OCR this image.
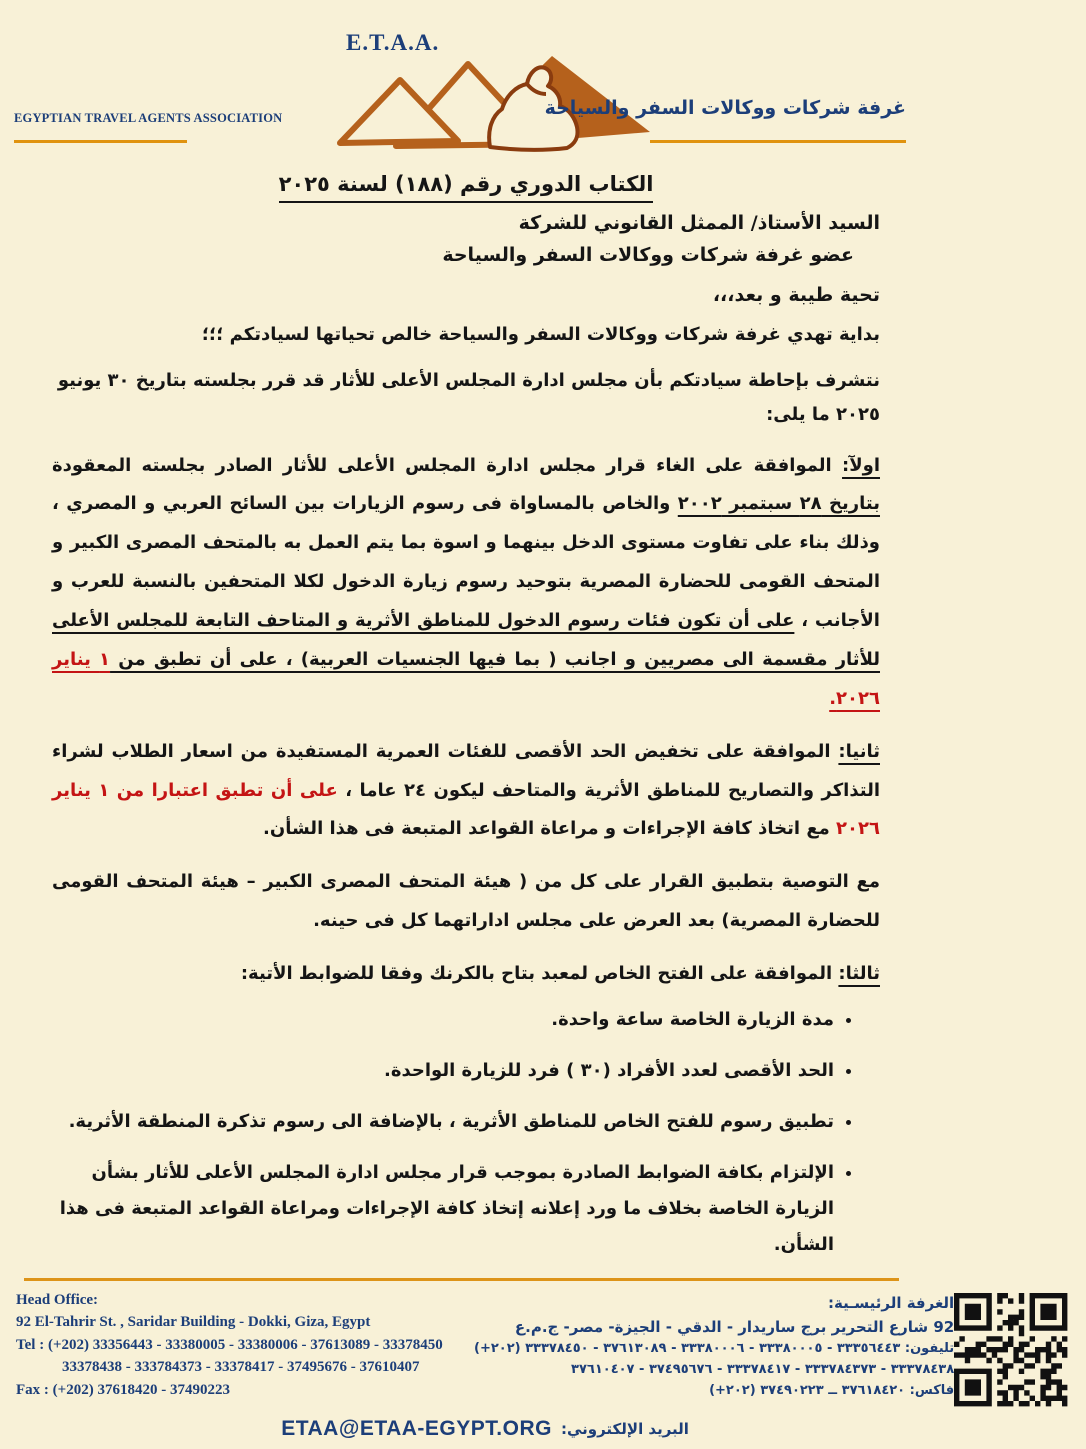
E.T.A.A.
EGYPTIAN TRAVEL AGENTS ASSOCIATION	غرفة شركات ووكالات السفر والسياحة
الكتاب الدوري رقم (١٨٨) لسنة ٢٠٢٥

السيد الأستاذ/ الممثل القانوني للشركة

عضو غرفة شركات ووكالات السفر والسياحة

تحية طيبة و بعد،،،

بداية تهدي غرفة شركات ووكالات السفر والسياحة خالص تحياتها لسيادتكم ؛؛؛

نتشرف بإحاطة سيادتكم بأن مجلس ادارة المجلس الأعلى للأثار قد قرر بجلسته بتاريخ ٣٠ يونيو ٢٠٢٥ ما يلى:

اولآ: الموافقة على الغاء قرار مجلس ادارة المجلس الأعلى للأثار الصادر بجلسته المعقودة بتاريخ ٢٨ سبتمبر ٢٠٠٢ والخاص بالمساواة فى رسوم الزيارات بين السائح العربي و المصري ، وذلك بناء على تفاوت مستوى الدخل بينهما و اسوة بما يتم العمل به بالمتحف المصرى الكبير و المتحف القومى للحضارة المصرية بتوحيد رسوم زيارة الدخول لكلا المتحفين بالنسبة للعرب و الأجانب ، على أن تكون فئات رسوم الدخول للمناطق الأثرية و المتاحف التابعة للمجلس الأعلى للأثار مقسمة الى مصريين و اجانب ( بما فيها الجنسيات العربية) ، على أن تطبق من ١ يناير ٢٠٢٦.

ثانيا: الموافقة على تخفيض الحد الأقصى للفئات العمرية المستفيدة من اسعار الطلاب لشراء التذاكر والتصاريح للمناطق الأثرية والمتاحف ليكون ٢٤ عاما ، على أن تطبق اعتبارا من ١ يناير ٢٠٢٦ مع اتخاذ كافة الإجراءات و مراعاة القواعد المتبعة فى هذا الشأن.

مع التوصية بتطبيق القرار على كل من ( هيئة المتحف المصرى الكبير – هيئة المتحف القومى للحضارة المصرية) بعد العرض على مجلس اداراتهما كل فى حينه.

ثالثا: الموافقة على الفتح الخاص لمعبد بتاح بالكرنك وفقا للضوابط الأتية:

• مدة الزيارة الخاصة ساعة واحدة.
• الحد الأقصى لعدد الأفراد (٣٠ ) فرد للزيارة الواحدة.
• تطبيق رسوم للفتح الخاص للمناطق الأثرية ، بالإضافة الى رسوم تذكرة المنطقة الأثرية.
• الإلتزام بكافة الضوابط الصادرة بموجب قرار مجلس ادارة المجلس الأعلى للأثار بشأن الزيارة الخاصة بخلاف ما ورد إعلانه إتخاذ كافة الإجراءات ومراعاة القواعد المتبعة فى هذا الشأن.
Head Office:
92 El-Tahrir St. , Saridar Building - Dokki, Giza, Egypt
Tel : (+202) 33356443 - 33380005 - 33380006 - 37613089 - 33378450
33378438 - 333784373 - 33378417 - 37495676 - 37610407
Fax : (+202) 37618420 - 37490223
الغرفة الرئيسـية:
92 شارع التحرير برج ساريدار - الدقي - الجيزة- مصر- ج.م.ع
تليفون: (+٢٠٢) ٣٣٣٥٦٤٤٣ - ٣٣٣٨٠٠٠٥ - ٣٣٣٨٠٠٠٦ - ٣٧٦١٣٠٨٩ - ٣٣٣٧٨٤٥٠
٣٣٣٧٨٤٣٨ - ٣٣٣٧٨٤٣٧٣ - ٣٣٣٧٨٤١٧ - ٣٧٤٩٥٦٧٦ - ٣٧٦١٠٤٠٧
فاكس: (+٢٠٢) ٣٧٦١٨٤٢٠ ــ ٣٧٤٩٠٢٢٣
البريد الإلكتروني:
ETAA@ETAA-EGYPT.ORG
